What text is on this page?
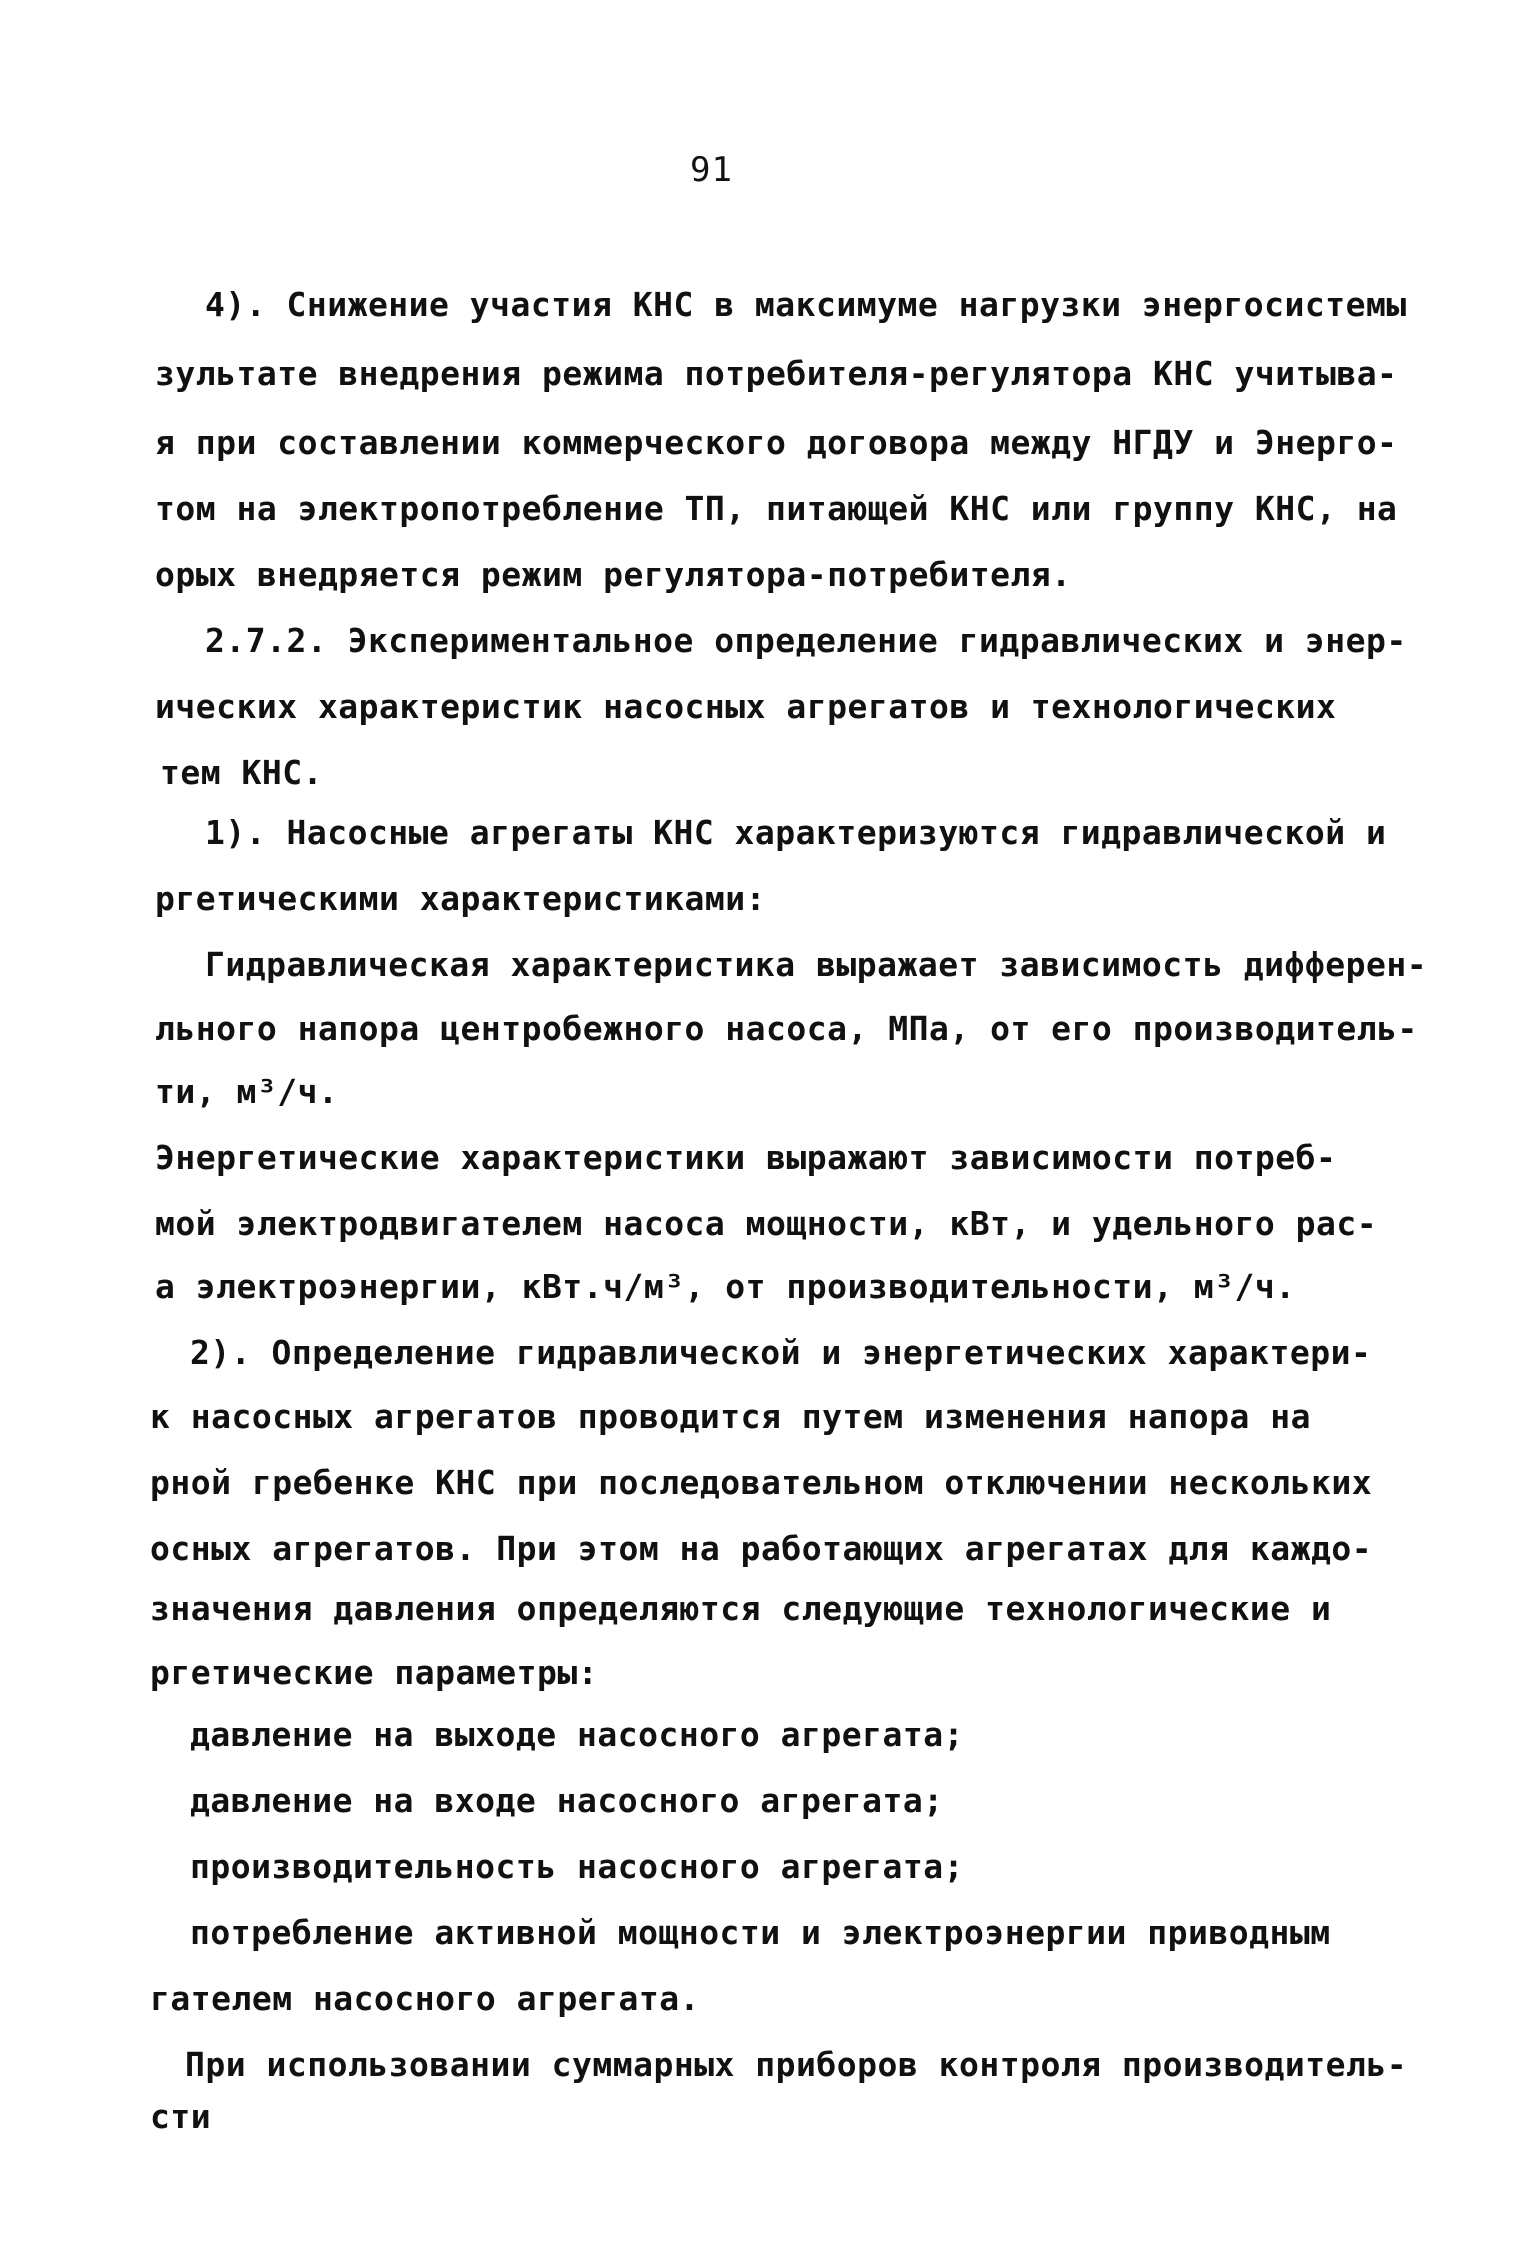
91
4). Снижение участия КНС в максимуме нагрузки энергосистемы
зультате внедрения режима потребителя-регулятора КНС учитыва-
я при составлении коммерческого договора между НГДУ и Энерго-
том на электропотребление ТП, питающей КНС или группу КНС, на
орых внедряется режим регулятора-потребителя.
2.7.2. Экспериментальное определение гидравлических и энер-
ических характеристик насосных агрегатов и технологических
тем КНС.
1). Насосные агрегаты КНС характеризуются гидравлической и
ргетическими характеристиками:
Гидравлическая характеристика выражает зависимость дифферен-
льного напора центробежного насоса, МПа, от его производитель-
ти, м³/ч.
Энергетические характеристики выражают зависимости потреб-
мой электродвигателем насоса мощности, кВт, и удельного рас-
а электроэнергии, кВт.ч/м³, от производительности, м³/ч.
2). Определение гидравлической и энергетических характери-
к насосных агрегатов проводится путем изменения напора на
рной гребенке КНС при последовательном отключении нескольких
осных агрегатов. При этом на работающих агрегатах для каждо-
значения давления определяются следующие технологические и
ргетические параметры:
давление на выходе насосного агрегата;
давление на входе насосного агрегата;
производительность насосного агрегата;
потребление активной мощности и электроэнергии приводным
гателем насосного агрегата.
При использовании суммарных приборов контроля производитель-
сти
